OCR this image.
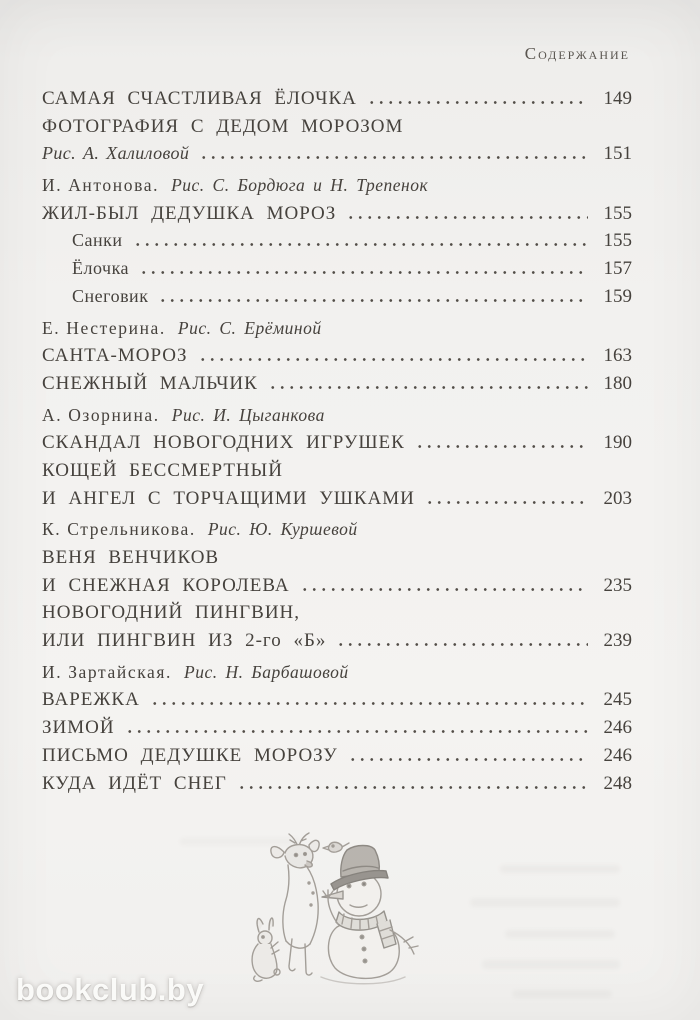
Содержание
САМАЯ СЧАСТЛИВАЯ ЁЛОЧКА	149
ФОТОГРАФИЯ С ДЕДОМ МОРОЗОМ
Рис. А. Халиловой	151
И. Антонова. Рис. С. Бордюга и Н. Трепенок
ЖИЛ-БЫЛ ДЕДУШКА МОРОЗ	155
Санки	155
Ёлочка	157
Снеговик	159
Е. Нестерина. Рис. С. Ерёминой
САНТА-МОРОЗ	163
СНЕЖНЫЙ МАЛЬЧИК	180
А. Озорнина. Рис. И. Цыганкова
СКАНДАЛ НОВОГОДНИХ ИГРУШЕК	190
КОЩЕЙ БЕССМЕРТНЫЙ
И АНГЕЛ С ТОРЧАЩИМИ УШКАМИ	203
К. Стрельникова. Рис. Ю. Куршевой
ВЕНЯ ВЕНЧИКОВ
И СНЕЖНАЯ КОРОЛЕВА	235
НОВОГОДНИЙ ПИНГВИН,
ИЛИ ПИНГВИН ИЗ 2-го «Б»	239
И. Зартайская. Рис. Н. Барбашовой
ВАРЕЖКА	245
ЗИМОЙ	246
ПИСЬМО ДЕДУШКЕ МОРОЗУ	246
КУДА ИДЁТ СНЕГ	248
bookclub.by
